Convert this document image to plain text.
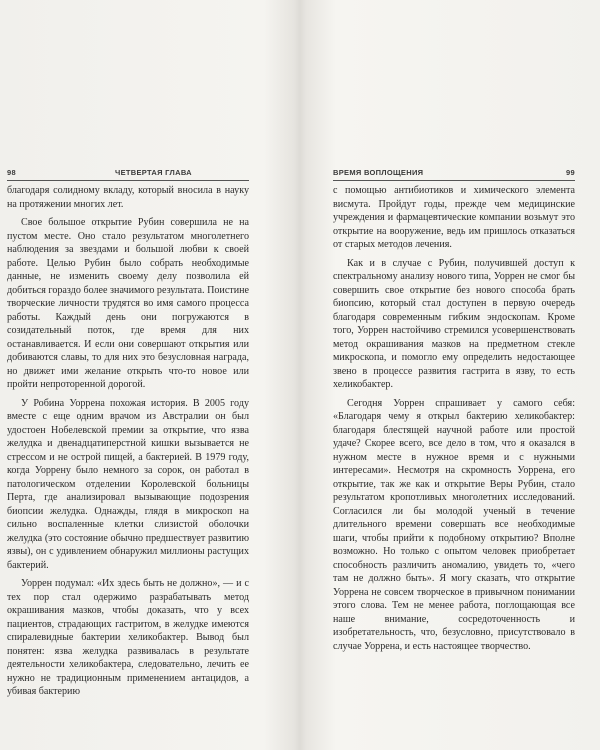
98	ЧЕТВЕРТАЯ ГЛАВА

благодаря солидному вкладу, который вносила в науку на протяжении многих лет.

Свое большое открытие Рубин совершила не на пустом месте. Оно стало результатом многолетнего наблюдения за звездами и большой любви к своей работе. Целью Рубин было собрать необходимые данные, не изменить своему делу позволила ей добиться гораздо более значимого результата. Поистине творческие личности трудятся во имя самого процесса работы. Каждый день они погружаются в созидательный поток, где время для них останавливается. И если они совершают открытия или добиваются славы, то для них это безусловная награда, но движет ими желание открыть что-то новое или пройти непроторенной дорогой.

У Робина Уоррена похожая история. В 2005 году вместе с еще одним врачом из Австралии он был удостоен Нобелевской премии за открытие, что язва желудка и двенадцатиперстной кишки вызывается не стрессом и не острой пищей, а бактерией. В 1979 году, когда Уоррену было немного за сорок, он работал в патологическом отделении Королевской больницы Перта, где анализировал вызывающие подозрения биопсии желудка. Однажды, глядя в микроскоп на сильно воспаленные клетки слизистой оболочки желудка (это состояние обычно предшествует развитию язвы), он с удивлением обнаружил миллионы растущих бактерий.

Уоррен подумал: «Их здесь быть не должно», — и с тех пор стал одержимо разрабатывать метод окрашивания мазков, чтобы доказать, что у всех пациентов, страдающих гастритом, в желудке имеются спиралевидные бактерии хеликобактер. Вывод был понятен: язва желудка развивалась в результате деятельности хеликобактера, следовательно, лечить ее нужно не традиционным применением антацидов, а убивая бактерию

ВРЕМЯ ВОПЛОЩЕНИЯ	99

с помощью антибиотиков и химического элемента висмута. Пройдут годы, прежде чем медицинские учреждения и фармацевтические компании возьмут это открытие на вооружение, ведь им пришлось отказаться от старых методов лечения.

Как и в случае с Рубин, получившей доступ к спектральному анализу нового типа, Уоррен не смог бы совершить свое открытие без нового способа брать биопсию, который стал доступен в первую очередь благодаря современным гибким эндоскопам. Кроме того, Уоррен настойчиво стремился усовершенствовать метод окрашивания мазков на предметном стекле микроскопа, и помогло ему определить недостающее звено в процессе развития гастрита в язву, то есть хеликобактер.

Сегодня Уоррен спрашивает у самого себя: «Благодаря чему я открыл бактерию хеликобактер: благодаря блестящей научной работе или простой удаче? Скорее всего, все дело в том, что я оказался в нужном месте в нужное время и с нужными интересами». Несмотря на скромность Уоррена, его открытие, так же как и открытие Веры Рубин, стало результатом кропотливых многолетних исследований. Согласился ли бы молодой ученый в течение длительного времени совершать все необходимые шаги, чтобы прийти к подобному открытию? Вполне возможно. Но только с опытом человек приобретает способность различить аномалию, увидеть то, «чего там не должно быть». Я могу сказать, что открытие Уоррена не совсем творческое в привычном понимании этого слова. Тем не менее работа, поглощающая все наше внимание, сосредоточенность и изобретательность, что, безусловно, присутствовало в случае Уоррена, и есть настоящее творчество.
